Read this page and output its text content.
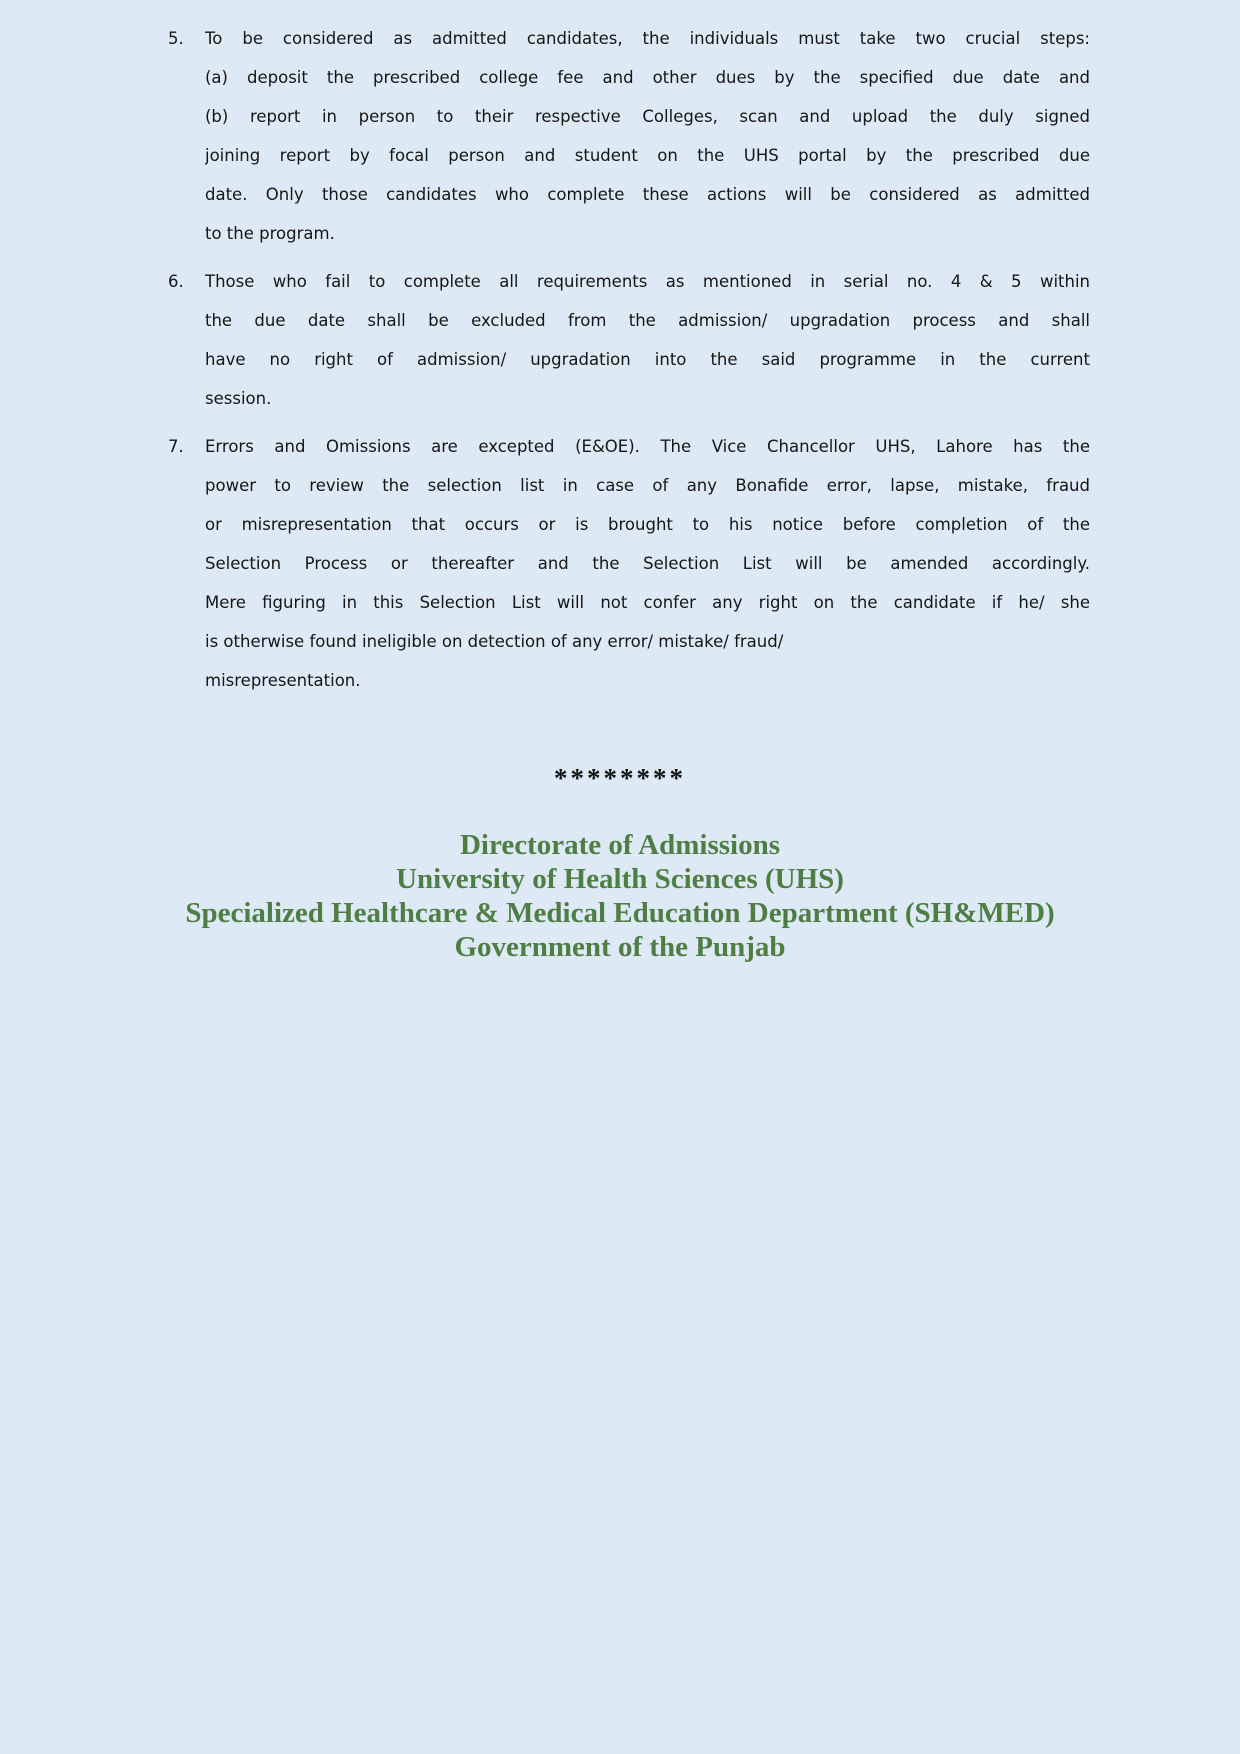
5.	To be considered as admitted candidates, the individuals must take two crucial steps:
(a) deposit the prescribed college fee and other dues by the specified due date and
(b) report in person to their respective Colleges, scan and upload the duly signed
joining report by focal person and student on the UHS portal by the prescribed due
date. Only those candidates who complete these actions will be considered as admitted
to the program.
6.	Those who fail to complete all requirements as mentioned in serial no. 4 & 5 within
the due date shall be excluded from the admission/ upgradation process and shall
have no right of admission/ upgradation into the said programme in the current
session.
7.	Errors and Omissions are excepted (E&OE). The Vice Chancellor UHS, Lahore has the
power to review the selection list in case of any Bonafide error, lapse, mistake, fraud
or misrepresentation that occurs or is brought to his notice before completion of the
Selection Process or thereafter and the Selection List will be amended accordingly.
Mere figuring in this Selection List will not confer any right on the candidate if he/ she
is otherwise found ineligible on detection of any error/ mistake/ fraud/
misrepresentation.
********
Directorate of Admissions
University of Health Sciences (UHS)
Specialized Healthcare & Medical Education Department (SH&MED)
Government of the Punjab
